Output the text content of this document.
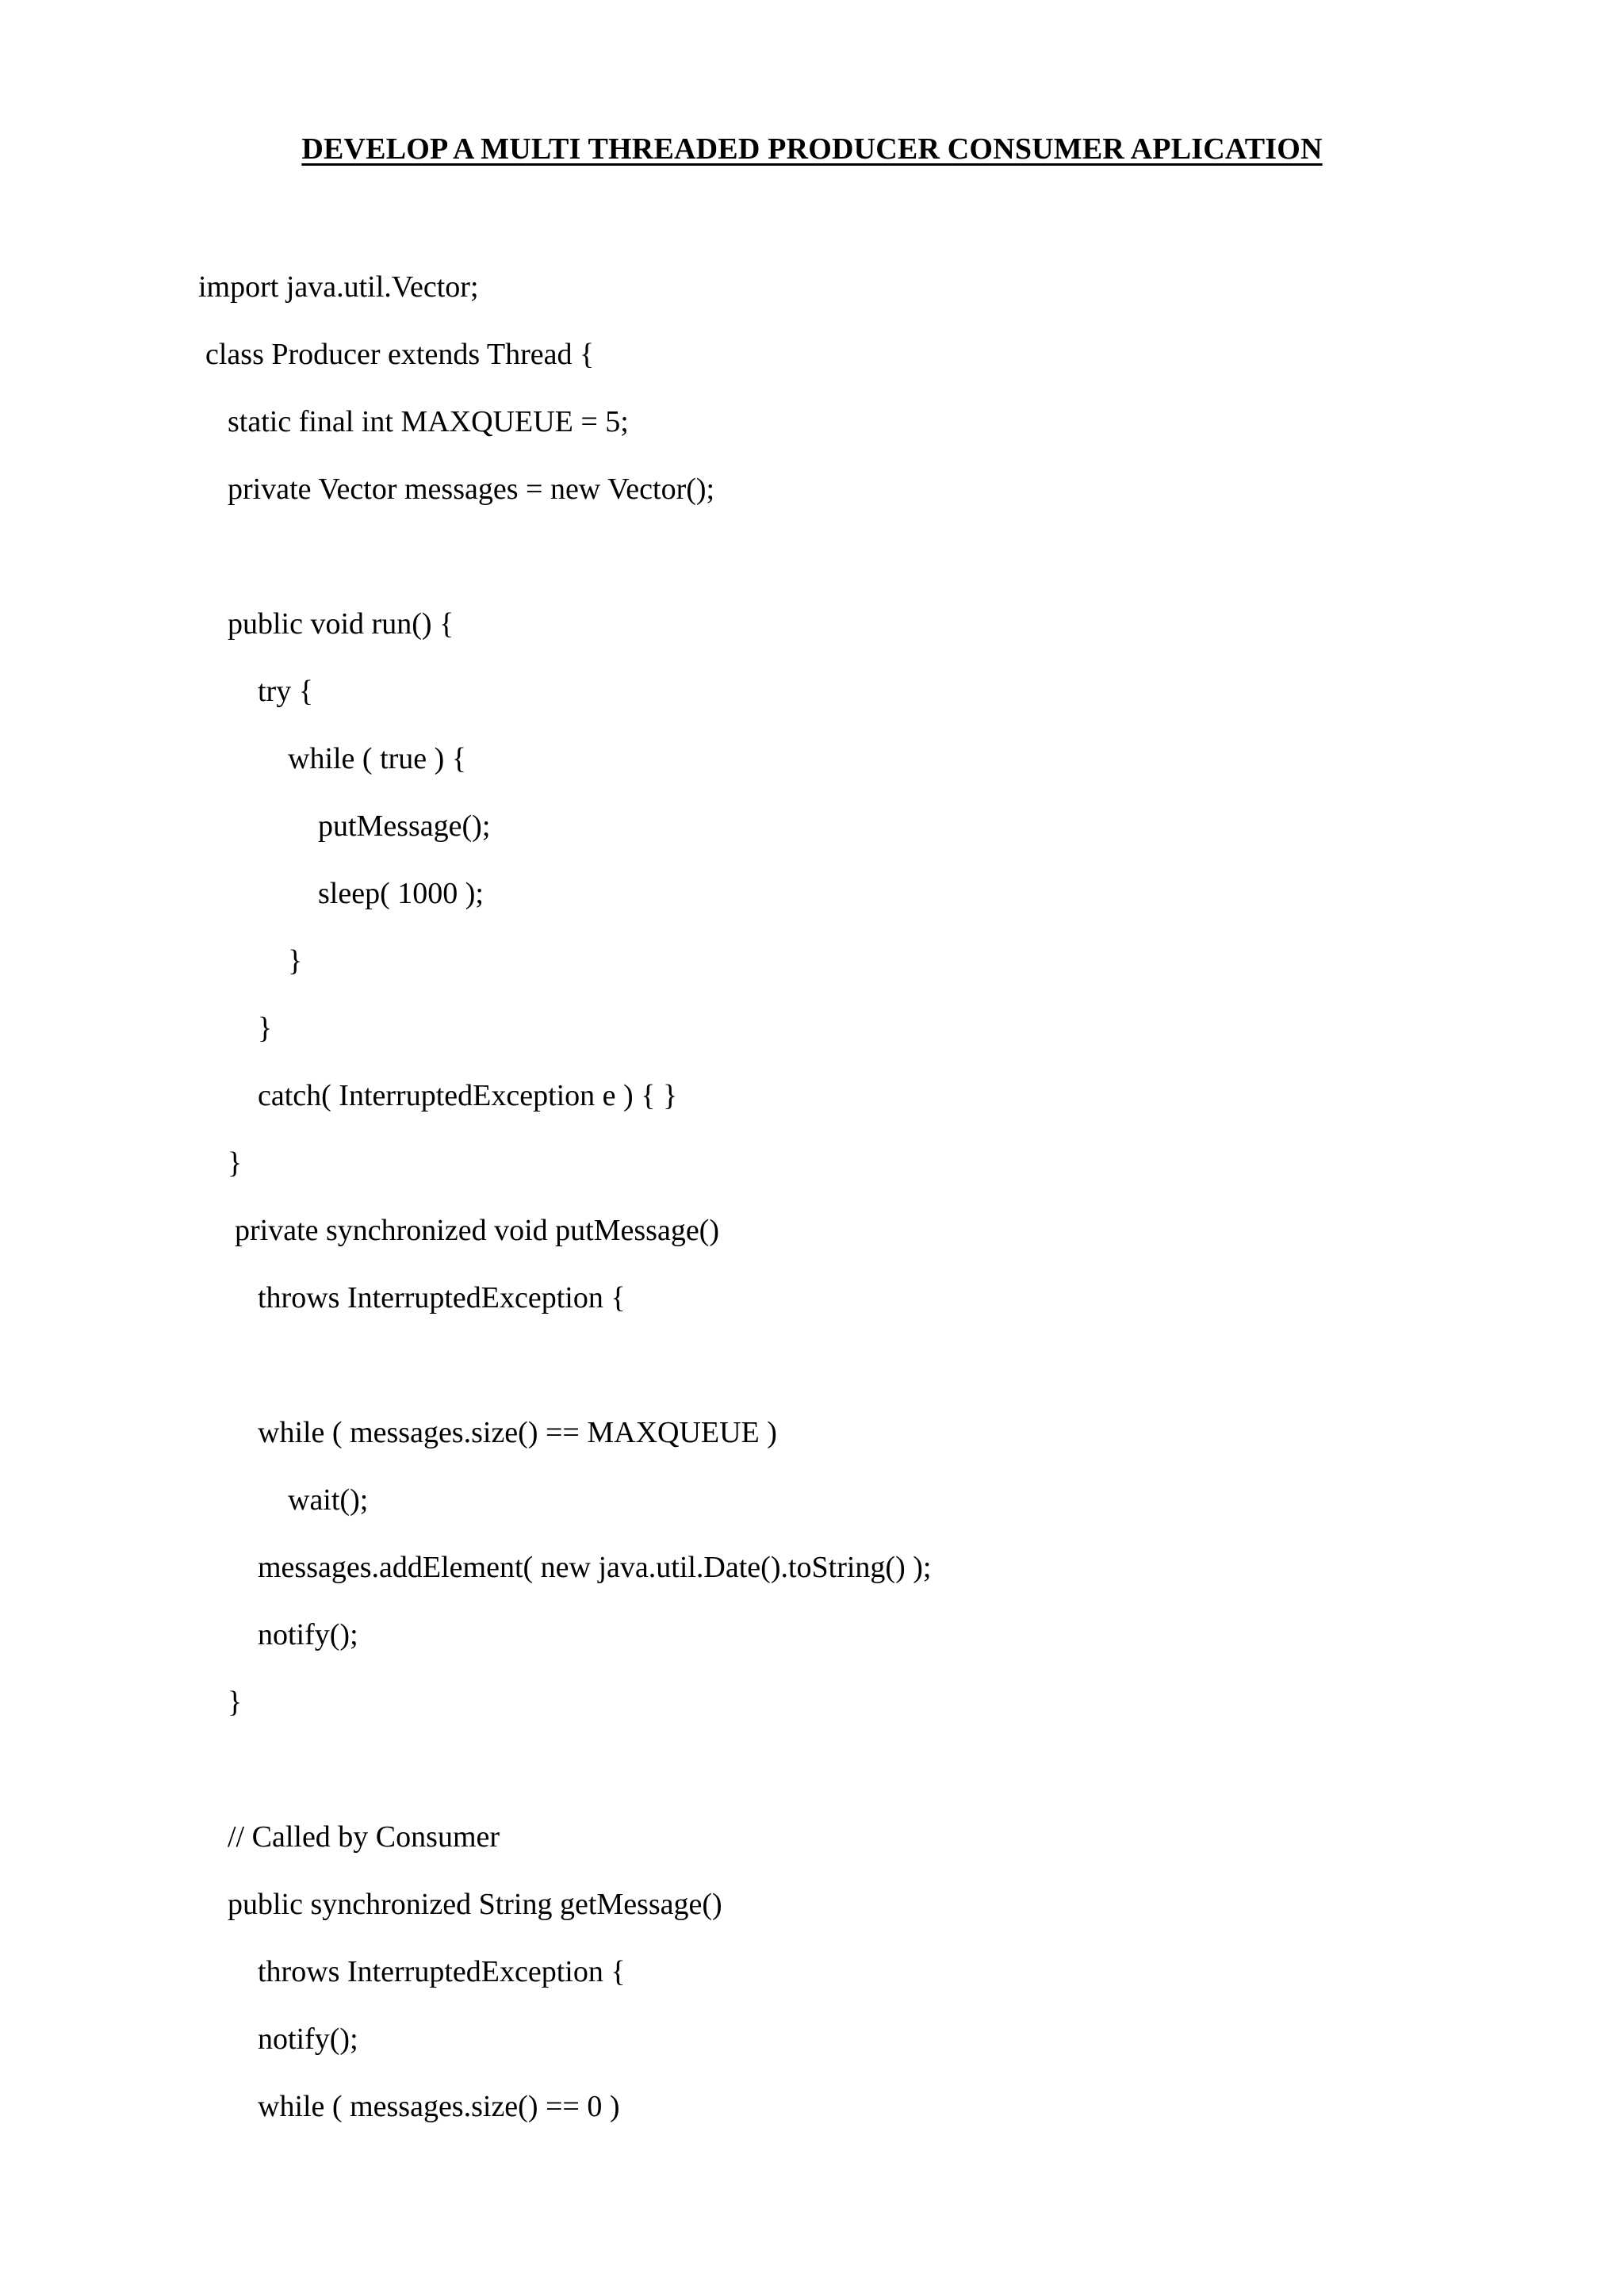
DEVELOP A MULTI THREADED PRODUCER CONSUMER APLICATION
import java.util.Vector;
class Producer extends Thread {
static final int MAXQUEUE = 5;
private Vector messages = new Vector();
public void run() {
try {
while ( true ) {
putMessage();
sleep( 1000 );
}
}
catch( InterruptedException e ) { }
}
private synchronized void putMessage()
throws InterruptedException {
while ( messages.size() == MAXQUEUE )
wait();
messages.addElement( new java.util.Date().toString() );
notify();
}
// Called by Consumer
public synchronized String getMessage()
throws InterruptedException {
notify();
while ( messages.size() == 0 )
